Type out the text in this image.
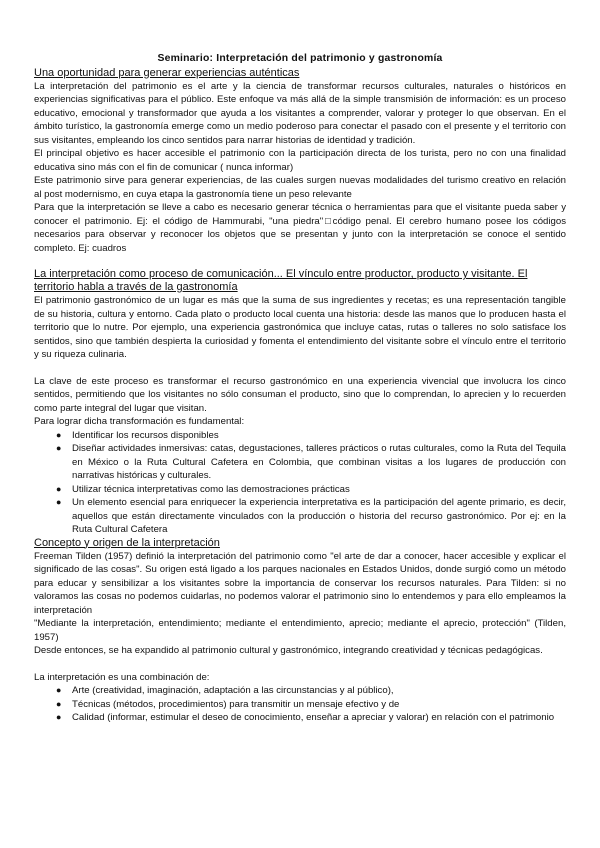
Seminario: Interpretación del patrimonio y gastronomía
Una oportunidad para generar experiencias auténticas

La interpretación del patrimonio es el arte y la ciencia de transformar recursos culturales, naturales o históricos en experiencias significativas para el público. Este enfoque va más allá de la simple transmisión de información: es un proceso educativo, emocional y transformador que ayuda a los visitantes a comprender, valorar y proteger lo que observan. En el ámbito turístico, la gastronomía emerge como un medio poderoso para conectar el pasado con el presente y el territorio con sus visitantes, empleando los cinco sentidos para narrar historias de identidad y tradición.

El principal objetivo es hacer accesible el patrimonio con la participación directa de los turista, pero no con una finalidad educativa sino más con el fin de comunicar ( nunca informar)

Este patrimonio sirve para generar experiencias, de las cuales surgen nuevas modalidades del turismo creativo en relación al post modernismo, en cuya etapa la gastronomía tiene un peso relevante

Para que la interpretación se lleve a cabo es necesario generar técnica o herramientas para que el visitante pueda saber y conocer el patrimonio. Ej: el código de Hammurabi, "una piedra"□código penal. El cerebro humano posee los códigos necesarios para observar y reconocer los objetos que se presentan y junto con la interpretación se conoce el sentido completo. Ej: cuadros

La interpretación como proceso de comunicación... El vínculo entre productor, producto y visitante. El territorio habla a través de la gastronomía

El patrimonio gastronómico de un lugar es más que la suma de sus ingredientes y recetas; es una representación tangible de su historia, cultura y entorno. Cada plato o producto local cuenta una historia: desde las manos que lo producen hasta el territorio que lo nutre. Por ejemplo, una experiencia gastronómica que incluye catas, rutas o talleres no solo satisface los sentidos, sino que también despierta la curiosidad y fomenta el entendimiento del visitante sobre el vínculo entre el territorio y su riqueza culinaria.

La clave de este proceso es transformar el recurso gastronómico en una experiencia vivencial que involucra los cinco sentidos, permitiendo que los visitantes no sólo consuman el producto, sino que lo comprendan, lo aprecien y lo recuerden como parte integral del lugar que visitan.

Para lograr dicha transformación es fundamental:

● Identificar los recursos disponibles
● Diseñar actividades inmersivas: catas, degustaciones, talleres prácticos o rutas culturales, como la Ruta del Tequila en México o la Ruta Cultural Cafetera en Colombia, que combinan visitas a los lugares de producción con narrativas históricas y culturales.
● Utilizar técnica interpretativas como las demostraciones prácticas
● Un elemento esencial para enriquecer la experiencia interpretativa es la participación del agente primario, es decir, aquellos que están directamente vinculados con la producción o historia del recurso gastronómico. Por ej: en la Ruta Cultural Cafetera
Concepto y origen de la interpretación

Freeman Tilden (1957) definió la interpretación del patrimonio como "el arte de dar a conocer, hacer accesible y explicar el significado de las cosas". Su origen está ligado a los parques nacionales en Estados Unidos, donde surgió como un método para educar y sensibilizar a los visitantes sobre la importancia de conservar los recursos naturales. Para Tilden: si no valoramos las cosas no podemos cuidarlas, no podemos valorar el patrimonio sino lo entendemos y para ello empleamos la interpretación

"Mediante la interpretación, entendimiento; mediante el entendimiento, aprecio; mediante el aprecio, protección" (Tilden, 1957)

Desde entonces, se ha expandido al patrimonio cultural y gastronómico, integrando creatividad y técnicas pedagógicas.

La interpretación es una combinación de:

● Arte (creatividad, imaginación, adaptación a las circunstancias y al público),
● Técnicas (métodos, procedimientos) para transmitir un mensaje efectivo y de
● Calidad (informar, estimular el deseo de conocimiento, enseñar a apreciar y valorar) en relación con el patrimonio
